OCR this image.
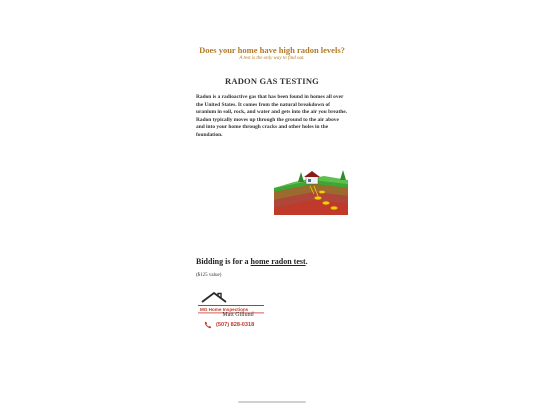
Does your home have high radon levels?
A test is the only way to find out.
RADON GAS TESTING
Radon is a radioactive gas that has been found in homes all over the United States. It comes from the natural breakdown of uranium in soil, rock, and water and gets into the air you breathe. Radon typically moves up through the ground to the air above and into your home through cracks and other holes in the foundation.
Bidding is for a home radon test.
($125 value)
MG Home Inspections
Matt Gillund
(507) 828-0318
